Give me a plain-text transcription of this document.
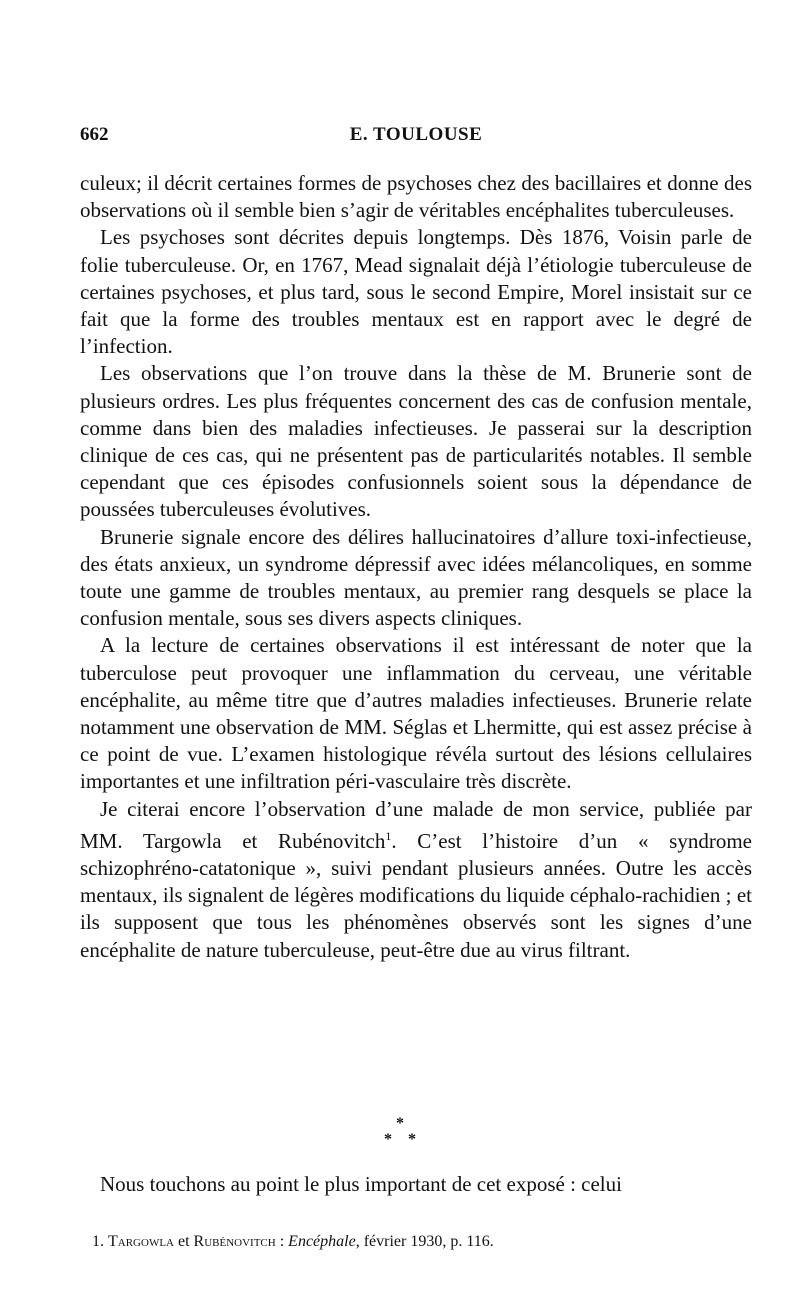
662	E. TOULOUSE

culeux; il décrit certaines formes de psychoses chez des bacillaires et donne des observations où il semble bien s’agir de véritables encéphalites tuberculeuses.

Les psychoses sont décrites depuis longtemps. Dès 1876, Voisin parle de folie tuberculeuse. Or, en 1767, Mead signalait déjà l’étiologie tuberculeuse de certaines psychoses, et plus tard, sous le second Empire, Morel insistait sur ce fait que la forme des troubles mentaux est en rapport avec le degré de l’infection.

Les observations que l’on trouve dans la thèse de M. Brunerie sont de plusieurs ordres. Les plus fréquentes concernent des cas de confusion mentale, comme dans bien des maladies infectieuses. Je passerai sur la description clinique de ces cas, qui ne présentent pas de particularités notables. Il semble cependant que ces épisodes confusionnels soient sous la dépendance de poussées tuberculeuses évolutives.

Brunerie signale encore des délires hallucinatoires d’allure toxi-infectieuse, des états anxieux, un syndrome dépressif avec idées mélancoliques, en somme toute une gamme de troubles mentaux, au premier rang desquels se place la confusion mentale, sous ses divers aspects cliniques.

A la lecture de certaines observations il est intéressant de noter que la tuberculose peut provoquer une inflammation du cerveau, une véritable encéphalite, au même titre que d’autres maladies infectieuses. Brunerie relate notamment une observation de MM. Séglas et Lhermitte, qui est assez précise à ce point de vue. L’examen histologique révéla surtout des lésions cellulaires importantes et une infiltration péri-vasculaire très discrète.

Je citerai encore l’observation d’une malade de mon service, publiée par MM. Targowla et Rubénovitch$^1$. C’est l’histoire d’un « syndrome schizophréno-catatonique », suivi pendant plusieurs années. Outre les accès mentaux, ils signalent de légères modifications du liquide céphalo-rachidien ; et ils supposent que tous les phénomènes observés sont les signes d’une encéphalite de nature tuberculeuse, peut-être due au virus filtrant.

*
* *

Nous touchons au point le plus important de cet exposé : celui

1. Targowla et Rubénovitch : Encéphale, février 1930, p. 116.
